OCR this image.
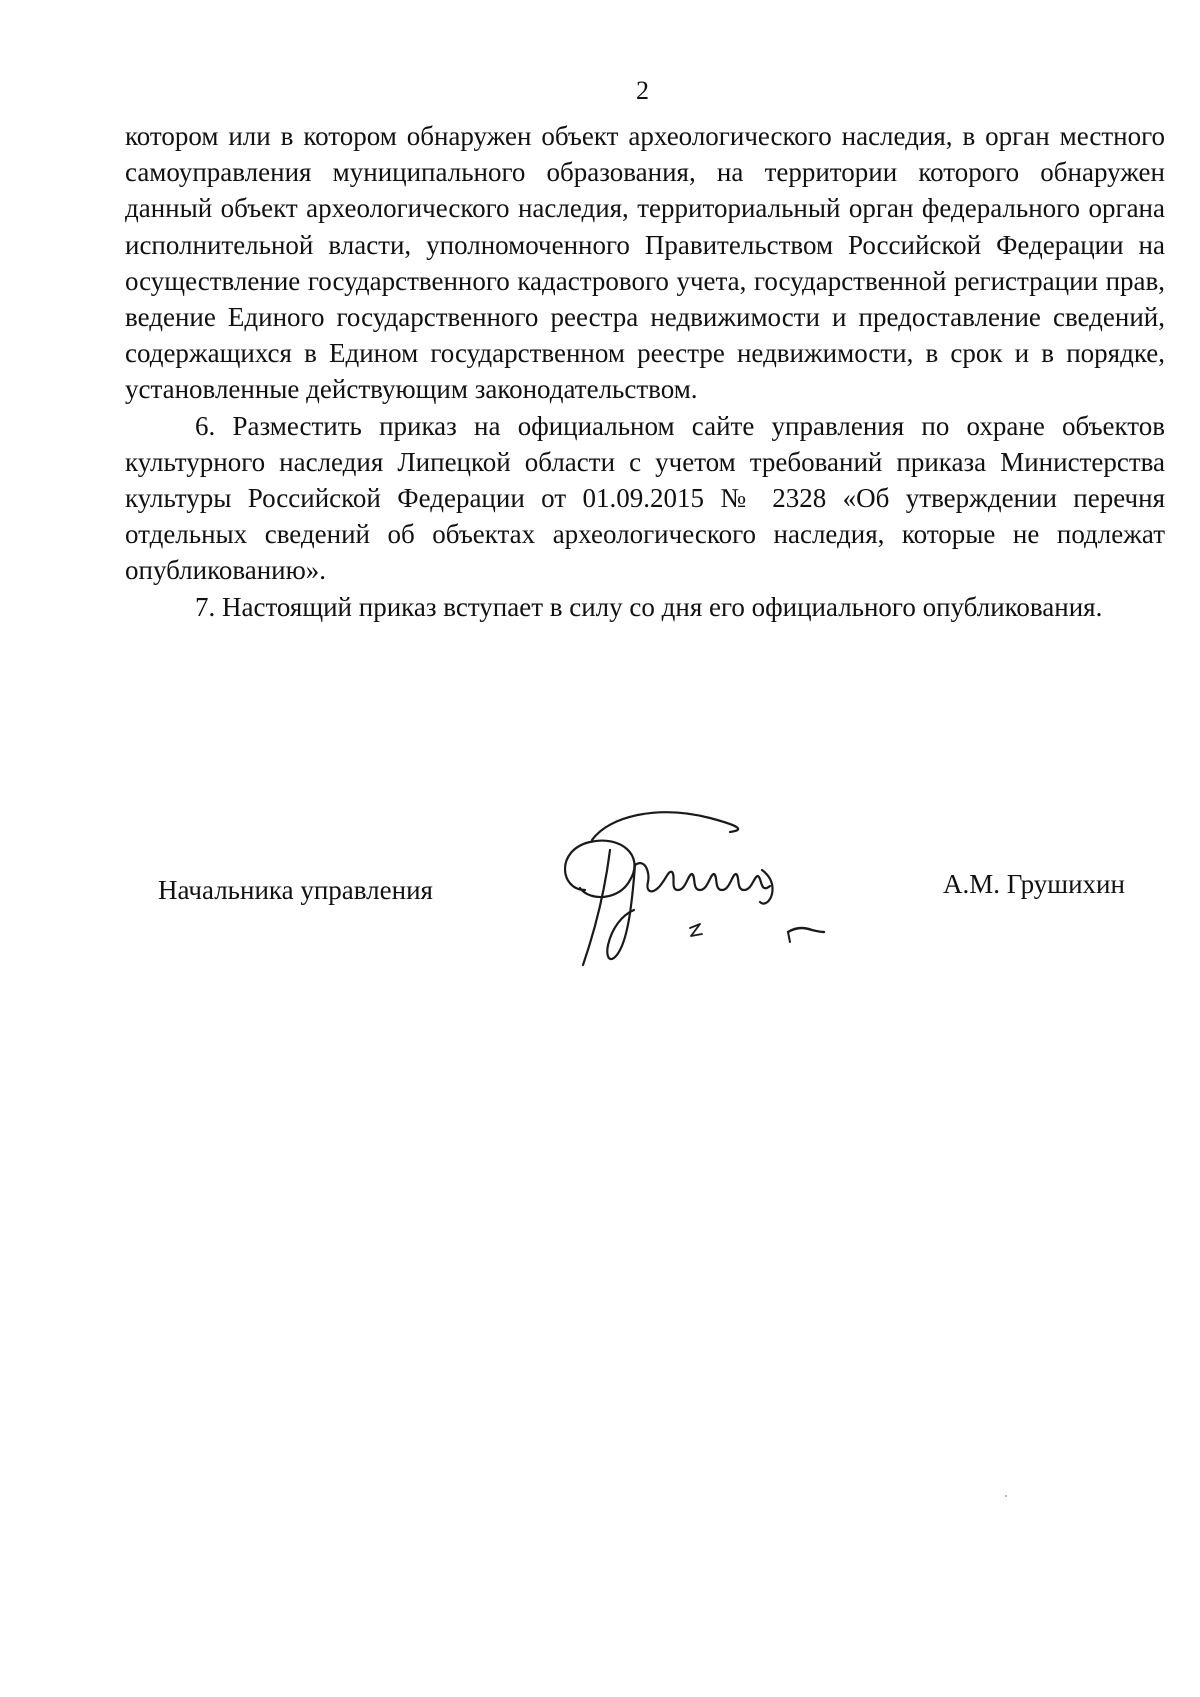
2

котором или в котором обнаружен объект археологического наследия, в орган местного самоуправления муниципального образования, на территории которого обнаружен данный объект археологического наследия, территориальный орган федерального органа исполнительной власти, уполномоченного Правительством Российской Федерации на осуществление государственного кадастрового учета, государственной регистрации прав, ведение Единого государственного реестра недвижимости и предоставление сведений, содержащихся в Едином государственном реестре недвижимости, в срок и в порядке, установленные действующим законодательством.

6. Разместить приказ на официальном сайте управления по охране объектов культурного наследия Липецкой области с учетом требований приказа Министерства культуры Российской Федерации от 01.09.2015 № 2328 «Об утверждении перечня отдельных сведений об объектах археологического наследия, которые не подлежат опубликованию».

7. Настоящий приказ вступает в силу со дня его официального опубликования.

Начальника управления	А.М. Грушихин
